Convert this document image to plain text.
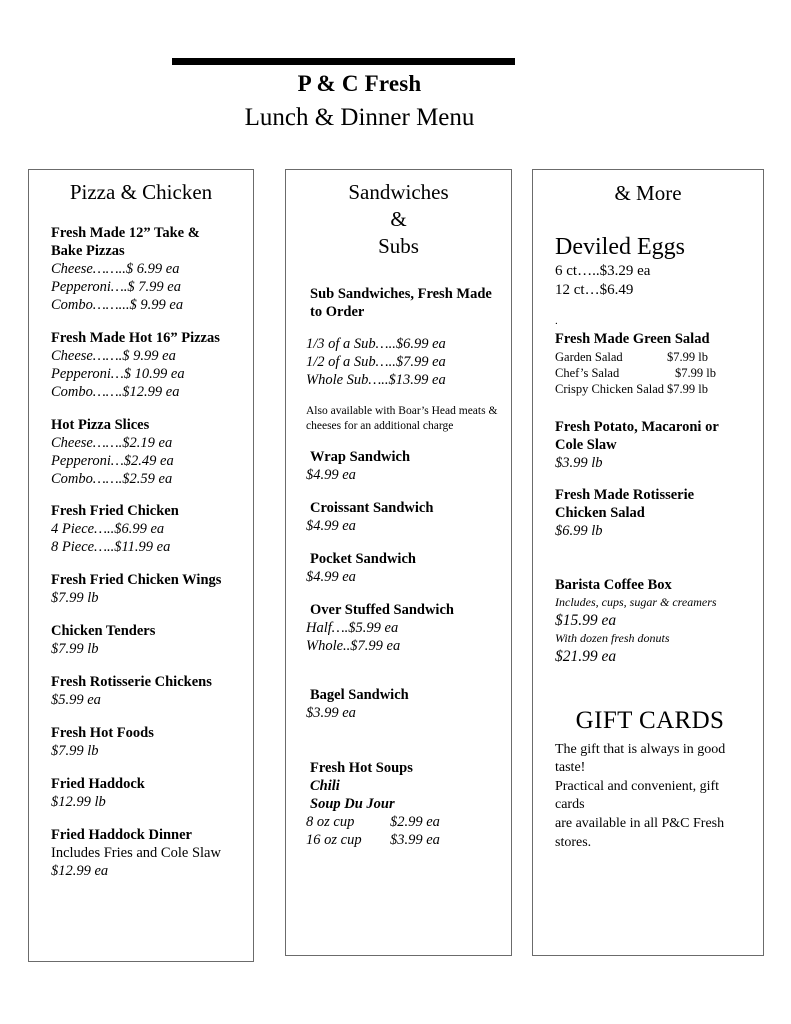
P & C Fresh
Lunch & Dinner Menu
Pizza & Chicken
Fresh Made 12” Take &
Bake Pizzas
Cheese……..$ 6.99 ea
Pepperoni….$ 7.99 ea
Combo……...$ 9.99 ea
Fresh Made Hot 16” Pizzas
Cheese…….$ 9.99 ea
Pepperoni…$ 10.99 ea
Combo…….$12.99 ea
Hot Pizza Slices
Cheese…….$2.19 ea
Pepperoni…$2.49 ea
Combo…….$2.59 ea
Fresh Fried Chicken
4 Piece…..$6.99 ea
8 Piece…..$11.99 ea
Fresh Fried Chicken Wings
$7.99 lb
Chicken Tenders
$7.99 lb
Fresh Rotisserie Chickens
$5.99 ea
Fresh Hot Foods
$7.99 lb
Fried Haddock
$12.99 lb
Fried Haddock Dinner
Includes Fries and Cole Slaw
$12.99 ea
Sandwiches
&
Subs
Sub Sandwiches, Fresh Made
to Order
1/3 of a Sub…..$6.99 ea
1/2 of a Sub…..$7.99 ea
Whole Sub…..$13.99 ea
Also available with Boar’s Head meats &
cheeses for an additional charge
Wrap Sandwich
$4.99 ea
Croissant Sandwich
$4.99 ea
Pocket Sandwich
$4.99 ea
Over Stuffed Sandwich
Half….$5.99 ea
Whole..$7.99 ea
Bagel Sandwich
$3.99 ea
Fresh Hot Soups
Chili
Soup Du Jour
8 oz cup	$2.99 ea
16 oz cup	$3.99 ea
& More
Deviled Eggs
6 ct…..$3.29 ea
12 ct…$6.49
.
Fresh Made Green Salad
Garden Salad	$7.99 lb
Chef’s Salad	$7.99 lb
Crispy Chicken Salad	$7.99 lb
Fresh Potato, Macaroni or
Cole Slaw
$3.99 lb
Fresh Made Rotisserie
Chicken Salad
$6.99 lb
Barista Coffee Box
Includes, cups, sugar & creamers
$15.99 ea
With dozen fresh donuts
$21.99 ea
GIFT CARDS
The gift that is always in good taste!
Practical and convenient, gift cards
are available in all P&C Fresh stores.
